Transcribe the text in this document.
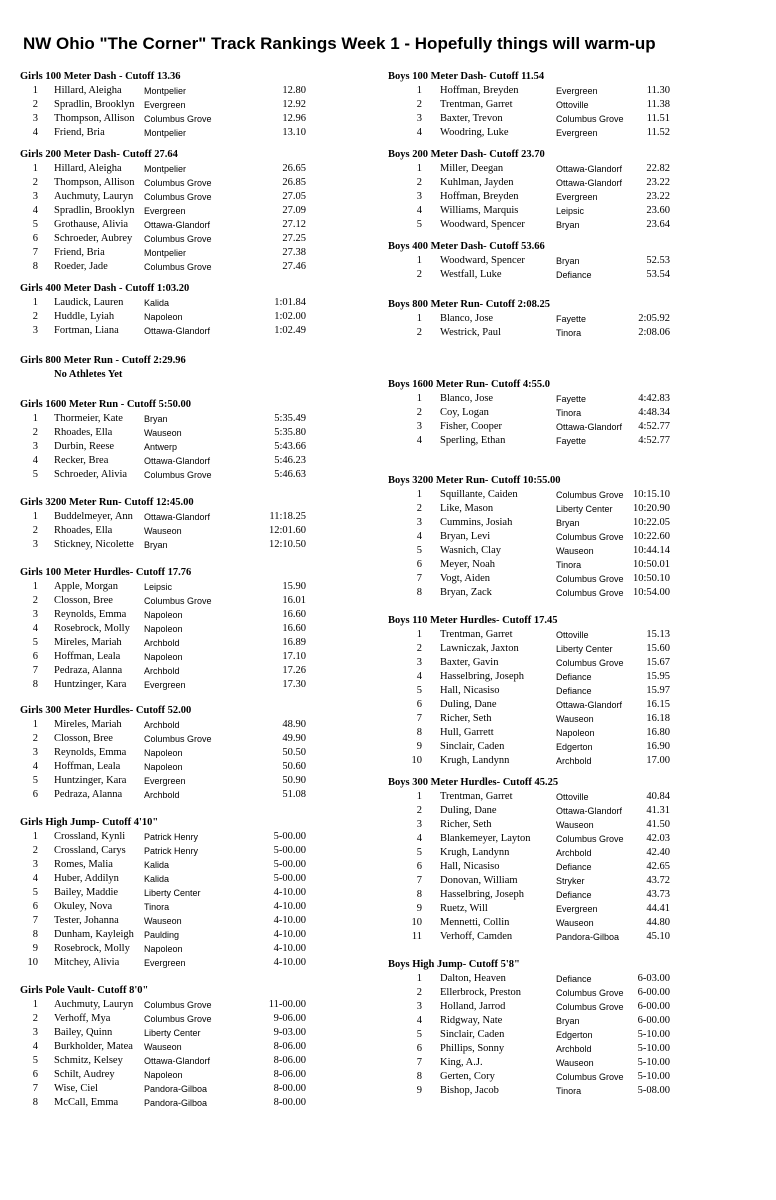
NW Ohio "The Corner" Track Rankings Week 1 - Hopefully things will warm-up
Girls 100 Meter Dash - Cutoff 13.36
1 Hillard, Aleigha	Montpelier	12.80
2 Spradlin, Brooklyn	Evergreen	12.92
3 Thompson, Allison	Columbus Grove	12.96
4 Friend, Bria	Montpelier	13.10
Girls 200 Meter Dash- Cutoff 27.64
1 Hillard, Aleigha	Montpelier	26.65
2 Thompson, Allison	Columbus Grove	26.85
3 Auchmuty, Lauryn	Columbus Grove	27.05
4 Spradlin, Brooklyn	Evergreen	27.09
5 Grothause, Alivia	Ottawa-Glandorf	27.12
6 Schroeder, Aubrey	Columbus Grove	27.25
7 Friend, Bria	Montpelier	27.38
8 Roeder, Jade	Columbus Grove	27.46
Girls 400 Meter Dash - Cutoff 1:03.20
1 Laudick, Lauren	Kalida	1:01.84
2 Huddle, Lyiah	Napoleon	1:02.00
3 Fortman, Liana	Ottawa-Glandorf	1:02.49
Girls 800 Meter Run - Cutoff 2:29.96
No Athletes Yet
Girls 1600 Meter Run - Cutoff 5:50.00
1 Thormeier, Kate	Bryan	5:35.49
2 Rhoades, Ella	Wauseon	5:35.80
3 Durbin, Reese	Antwerp	5:43.66
4 Recker, Brea	Ottawa-Glandorf	5:46.23
5 Schroeder, Alivia	Columbus Grove	5:46.63
Girls 3200 Meter Run- Cutoff 12:45.00
1 Buddelmeyer, Ann	Ottawa-Glandorf	11:18.25
2 Rhoades, Ella	Wauseon	12:01.60
3 Stickney, Nicolette	Bryan	12:10.50
Girls 100 Meter Hurdles- Cutoff 17.76
1 Apple, Morgan	Leipsic	15.90
2 Closson, Bree	Columbus Grove	16.01
3 Reynolds, Emma	Napoleon	16.60
4 Rosebrock, Molly	Napoleon	16.60
5 Mireles, Mariah	Archbold	16.89
6 Hoffman, Leala	Napoleon	17.10
7 Pedraza, Alanna	Archbold	17.26
8 Huntzinger, Kara	Evergreen	17.30
Girls 300 Meter Hurdles- Cutoff 52.00
1 Mireles, Mariah	Archbold	48.90
2 Closson, Bree	Columbus Grove	49.90
3 Reynolds, Emma	Napoleon	50.50
4 Hoffman, Leala	Napoleon	50.60
5 Huntzinger, Kara	Evergreen	50.90
6 Pedraza, Alanna	Archbold	51.08
Girls High Jump- Cutoff 4'10"
1 Crossland, Kynli	Patrick Henry	5-00.00
2 Crossland, Carys	Patrick Henry	5-00.00
3 Romes, Malia	Kalida	5-00.00
4 Huber, Addilyn	Kalida	5-00.00
5 Bailey, Maddie	Liberty Center	4-10.00
6 Okuley, Nova	Tinora	4-10.00
7 Tester, Johanna	Wauseon	4-10.00
8 Dunham, Kayleigh	Paulding	4-10.00
9 Rosebrock, Molly	Napoleon	4-10.00
10 Mitchey, Alivia	Evergreen	4-10.00
Girls Pole Vault- Cutoff 8'0"
1 Auchmuty, Lauryn	Columbus Grove	11-00.00
2 Verhoff, Mya	Columbus Grove	9-06.00
3 Bailey, Quinn	Liberty Center	9-03.00
4 Burkholder, Matea	Wauseon	8-06.00
5 Schmitz, Kelsey	Ottawa-Glandorf	8-06.00
6 Schilt, Audrey	Napoleon	8-06.00
7 Wise, Ciel	Pandora-Gilboa	8-00.00
8 McCall, Emma	Pandora-Gilboa	8-00.00
Boys 100 Meter Dash- Cutoff 11.54
1 Hoffman, Breyden	Evergreen	11.30
2 Trentman, Garret	Ottoville	11.38
3 Baxter, Trevon	Columbus Grove	11.51
4 Woodring, Luke	Evergreen	11.52
Boys 200 Meter Dash- Cutoff 23.70
1 Miller, Deegan	Ottawa-Glandorf	22.82
2 Kuhlman, Jayden	Ottawa-Glandorf	23.22
3 Hoffman, Breyden	Evergreen	23.22
4 Williams, Marquis	Leipsic	23.60
5 Woodward, Spencer	Bryan	23.64
Boys 400 Meter Dash- Cutoff 53.66
1 Woodward, Spencer	Bryan	52.53
2 Westfall, Luke	Defiance	53.54
Boys 800 Meter Run- Cutoff 2:08.25
1 Blanco, Jose	Fayette	2:05.92
2 Westrick, Paul	Tinora	2:08.06
Boys 1600 Meter Run- Cutoff 4:55.0
1 Blanco, Jose	Fayette	4:42.83
2 Coy, Logan	Tinora	4:48.34
3 Fisher, Cooper	Ottawa-Glandorf	4:52.77
4 Sperling, Ethan	Fayette	4:52.77
Boys 3200 Meter Run- Cutoff 10:55.00
1 Squillante, Caiden	Columbus Grove 10:15.10
2 Like, Mason	Liberty Center	10:20.90
3 Cummins, Josiah	Bryan	10:22.05
4 Bryan, Levi	Columbus Grove 10:22.60
5 Wasnich, Clay	Wauseon	10:44.14
6 Meyer, Noah	Tinora	10:50.01
7 Vogt, Aiden	Columbus Grove 10:50.10
8 Bryan, Zack	Columbus Grove 10:54.00
Boys 110 Meter Hurdles- Cutoff 17.45
1 Trentman, Garret	Ottoville	15.13
2 Lawniczak, Jaxton	Liberty Center	15.60
3 Baxter, Gavin	Columbus Grove	15.67
4 Hasselbring, Joseph	Defiance	15.95
5 Hall, Nicasiso	Defiance	15.97
6 Duling, Dane	Ottawa-Glandorf	16.15
7 Richer, Seth	Wauseon	16.18
8 Hull, Garrett	Napoleon	16.80
9 Sinclair, Caden	Edgerton	16.90
10 Krugh, Landynn	Archbold	17.00
Boys 300 Meter Hurdles- Cutoff 45.25
1 Trentman, Garret	Ottoville	40.84
2 Duling, Dane	Ottawa-Glandorf	41.31
3 Richer, Seth	Wauseon	41.50
4 Blankemeyer, Layton	Columbus Grove	42.03
5 Krugh, Landynn	Archbold	42.40
6 Hall, Nicasiso	Defiance	42.65
7 Donovan, William	Stryker	43.72
8 Hasselbring, Joseph	Defiance	43.73
9 Ruetz, Will	Evergreen	44.41
10 Mennetti, Collin	Wauseon	44.80
11 Verhoff, Camden	Pandora-Gilboa	45.10
Boys High Jump- Cutoff 5'8"
1 Dalton, Heaven	Defiance	6-03.00
2 Ellerbrock, Preston	Columbus Grove	6-00.00
3 Holland, Jarrod	Columbus Grove	6-00.00
4 Ridgway, Nate	Bryan	6-00.00
5 Sinclair, Caden	Edgerton	5-10.00
6 Phillips, Sonny	Archbold	5-10.00
7 King, A.J.	Wauseon	5-10.00
8 Gerten, Cory	Columbus Grove	5-10.00
9 Bishop, Jacob	Tinora	5-08.00
